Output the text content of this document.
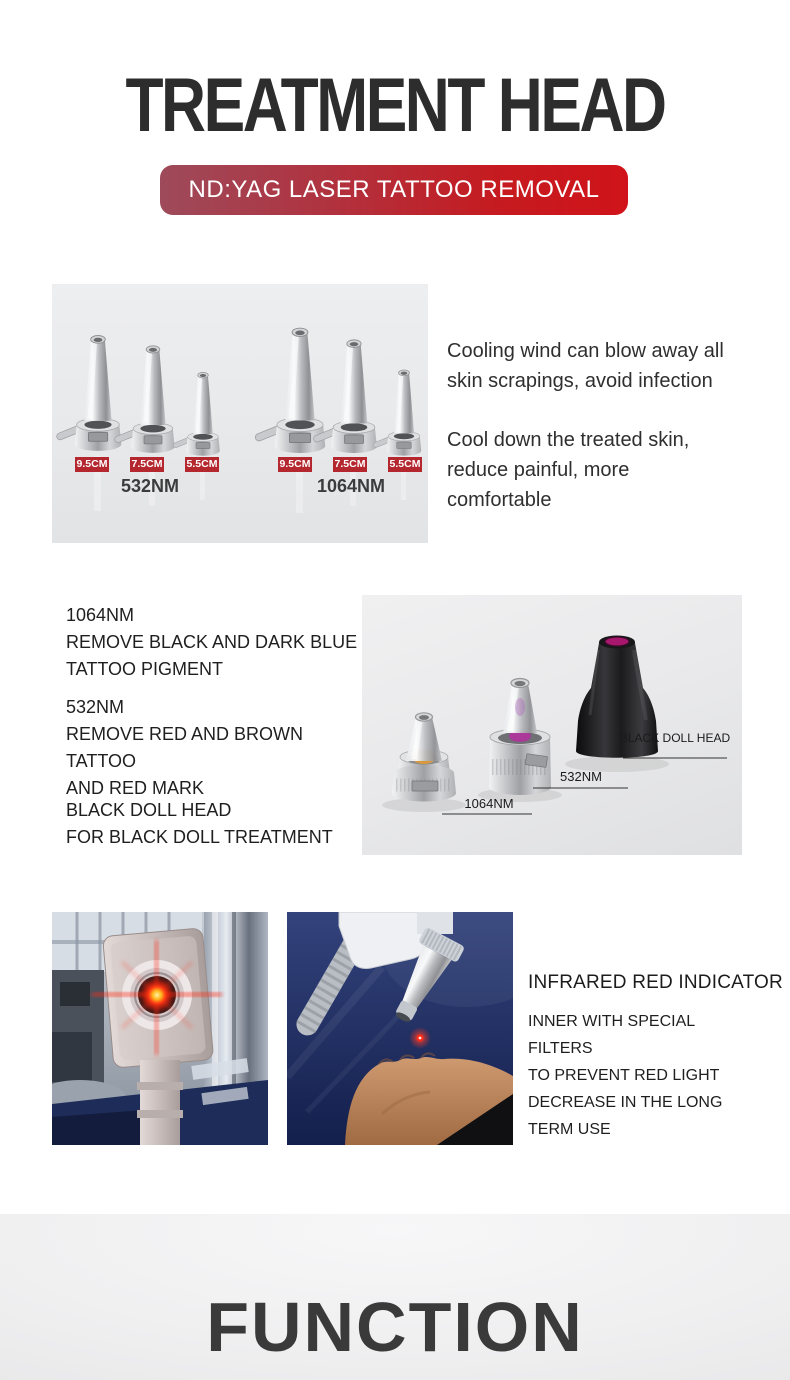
TREATMENT HEAD
ND:YAG LASER TATTOO REMOVAL
9.5CM 7.5CM 5.5CM	9.5CM 7.5CM 5.5CM
532NM	1064NM
Cooling wind can blow away all
skin scrapings, avoid infection
Cool down the treated skin,
reduce painful, more comfortable
1064NM
REMOVE BLACK AND DARK BLUE
TATTOO PIGMENT
532NM
REMOVE RED AND BROWN TATTOO
AND RED MARK
BLACK DOLL HEAD
FOR BLACK DOLL TREATMENT
1064NM
532NM
BLACK DOLL HEAD
INFRARED RED INDICATOR
INNER WITH SPECIAL FILTERS
TO PREVENT RED LIGHT
DECREASE IN THE LONG
TERM USE
FUNCTION
